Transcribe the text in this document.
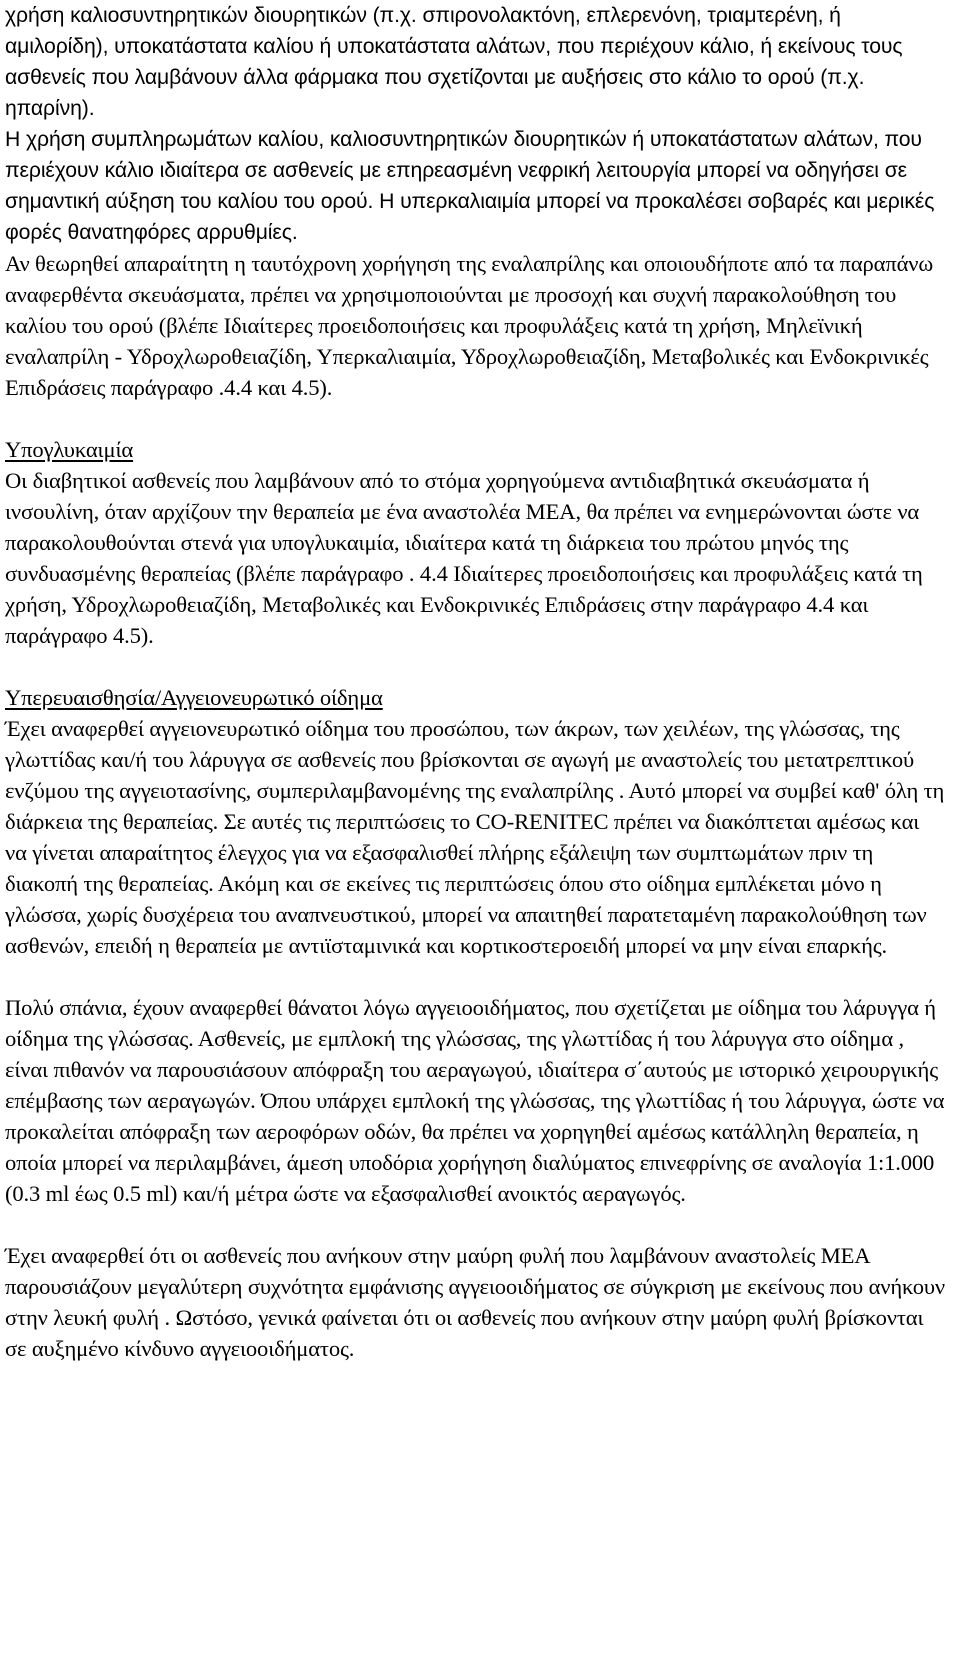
χρήση καλιοσυντηρητικών διουρητικών (π.χ. σπιρονολακτόνη, επλερενόνη, τριαμτερένη, ή αμιλορίδη), υποκατάστατα καλίου ή υποκατάστατα αλάτων, που περιέχουν κάλιο, ή εκείνους τους ασθενείς που λαμβάνουν άλλα φάρμακα που σχετίζονται με αυξήσεις στο κάλιο το ορού (π.χ. ηπαρίνη).

Η χρήση συμπληρωμάτων καλίου, καλιοσυντηρητικών διουρητικών ή υποκατάστατων αλάτων, που περιέχουν κάλιο ιδιαίτερα σε ασθενείς με επηρεασμένη νεφρική λειτουργία μπορεί να οδηγήσει σε σημαντική αύξηση του καλίου του ορού. Η υπερκαλιαιμία μπορεί να προκαλέσει σοβαρές και μερικές φορές θανατηφόρες αρρυθμίες.

Αν θεωρηθεί απαραίτητη η ταυτόχρονη χορήγηση της εναλαπρίλης και οποιουδήποτε από τα παραπάνω αναφερθέντα σκευάσματα, πρέπει να χρησιμοποιούνται με προσοχή και συχνή παρακολούθηση του καλίου του ορού (βλέπε Ιδιαίτερες προειδοποιήσεις και προφυλάξεις κατά τη χρήση, Μηλεϊνική εναλαπρίλη - Υδροχλωροθειαζίδη, Υπερκαλιαιμία, Υδροχλωροθειαζίδη, Μεταβολικές και Ενδοκρινικές Επιδράσεις παράγραφο .4.4 και 4.5).

Υπογλυκαιμία

Οι διαβητικοί ασθενείς που λαμβάνουν από το στόμα χορηγούμενα αντιδιαβητικά σκευάσματα ή ινσουλίνη, όταν αρχίζουν την θεραπεία με ένα αναστολέα ΜΕΑ, θα πρέπει να ενημερώνονται ώστε να παρακολουθούνται στενά για υπογλυκαιμία, ιδιαίτερα κατά τη διάρκεια του πρώτου μηνός της συνδυασμένης θεραπείας (βλέπε παράγραφο . 4.4 Ιδιαίτερες προειδοποιήσεις και προφυλάξεις κατά τη χρήση, Υδροχλωροθειαζίδη, Μεταβολικές και Ενδοκρινικές Επιδράσεις στην παράγραφο 4.4 και παράγραφο 4.5).

Υπερευαισθησία/Αγγειονευρωτικό οίδημα

Έχει αναφερθεί αγγειονευρωτικό οίδημα του προσώπου, των άκρων, των χειλέων, της γλώσσας, της γλωττίδας και/ή του λάρυγγα σε ασθενείς που βρίσκονται σε αγωγή με αναστολείς του μετατρεπτικού ενζύμου της αγγειοτασίνης, συμπεριλαμβανομένης της εναλαπρίλης . Αυτό μπορεί να συμβεί καθ' όλη τη διάρκεια της θεραπείας. Σε αυτές τις περιπτώσεις το CO-RENITEC πρέπει να διακόπτεται αμέσως και να γίνεται απαραίτητος έλεγχος για να εξασφαλισθεί πλήρης εξάλειψη των συμπτωμάτων πριν τη διακοπή της θεραπείας. Ακόμη και σε εκείνες τις περιπτώσεις όπου στο οίδημα εμπλέκεται μόνο η γλώσσα, χωρίς δυσχέρεια του αναπνευστικού, μπορεί να απαιτηθεί παρατεταμένη παρακολούθηση των ασθενών, επειδή η θεραπεία με αντιϊσταμινικά και κορτικοστεροειδή μπορεί να μην είναι επαρκής.

Πολύ σπάνια, έχουν αναφερθεί θάνατοι λόγω αγγειοοιδήματος, που σχετίζεται με οίδημα του λάρυγγα ή οίδημα της γλώσσας. Ασθενείς, με εμπλοκή της γλώσσας, της γλωττίδας ή του λάρυγγα στο οίδημα , είναι πιθανόν να παρουσιάσουν απόφραξη του αεραγωγού, ιδιαίτερα σ΄αυτούς με ιστορικό χειρουργικής επέμβασης των αεραγωγών. Όπου υπάρχει εμπλοκή της γλώσσας, της γλωττίδας ή του λάρυγγα, ώστε να προκαλείται απόφραξη των αεροφόρων οδών, θα πρέπει να χορηγηθεί αμέσως κατάλληλη θεραπεία, η οποία μπορεί να περιλαμβάνει, άμεση υποδόρια χορήγηση διαλύματος επινεφρίνης σε αναλογία 1:1.000 (0.3 ml έως 0.5 ml) και/ή μέτρα ώστε να εξασφαλισθεί ανοικτός αεραγωγός.

Έχει αναφερθεί ότι οι ασθενείς που ανήκουν στην μαύρη φυλή που λαμβάνουν αναστολείς ΜΕΑ παρουσιάζουν μεγαλύτερη συχνότητα εμφάνισης αγγειοοιδήματος σε σύγκριση με εκείνους που ανήκουν στην λευκή φυλή . Ωστόσο, γενικά φαίνεται ότι οι ασθενείς που ανήκουν στην μαύρη φυλή βρίσκονται σε αυξημένο κίνδυνο αγγειοοιδήματος.
